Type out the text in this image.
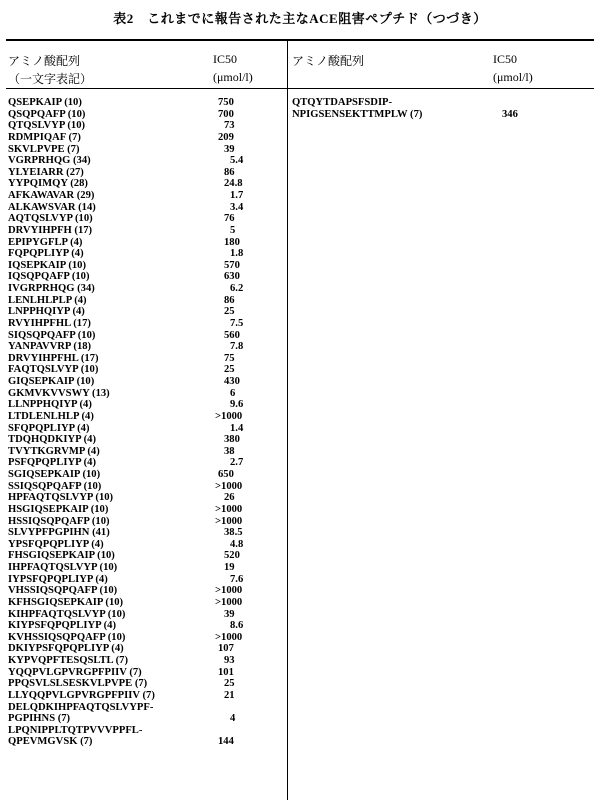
表2　これまでに報告された主なACE阻害ペプチド（つづき）
アミノ酸配列
（一文字表記）
IC50
(μmol/l)
アミノ酸配列	IC50
(μmol/l)
QSEPKAIP (10)	750
QSQPQAFP (10)	700
QTQSLVYP (10)	73
RDMPIQAF (7)	209
SKVLPVPE (7)	39
VGRPRHQG (34)	5.4
YLYEIARR (27)	86
YYPQIMQY (28)	24.8
AFKAWAVAR (29)	1.7
ALKAWSVAR (14)	3.4
AQTQSLVYP (10)	76
DRVYIHPFH (17)	5
EPIPYGFLP (4)	180
FQPQPLIYP (4)	1.8
IQSEPKAIP (10)	570
IQSQPQAFP (10)	630
IVGRPRHQG (34)	6.2
LENLHLPLP (4)	86
LNPPHQIYP (4)	25
RVYIHPFHL (17)	7.5
SIQSQPQAFP (10)	560
YANPAVVRP (18)	7.8
DRVYIHPFHL (17)	75
FAQTQSLVYP (10)	25
GIQSEPKAIP (10)	430
GKMVKVVSWY (13)	6
LLNPPHQIYP (4)	9.6
LTDLENLHLP (4)	>1000
SFQPQPLIYP (4)	1.4
TDQHQDKIYP (4)	380
TVYTKGRVMP (4)	38
PSFQPQPLIYP (4)	2.7
SGIQSEPKAIP (10)	650
SSIQSQPQAFP (10)	>1000
HPFAQTQSLVYP (10)	26
HSGIQSEPKAIP (10)	>1000
HSSIQSQPQAFP (10)	>1000
SLVYPFPGPIHN (41)	38.5
YPSFQPQPLIYP (4)	4.8
FHSGIQSEPKAIP (10)	520
IHPFAQTQSLVYP (10)	19
IYPSFQPQPLIYP (4)	7.6
VHSSIQSQPQAFP (10)	>1000
KFHSGIQSEPKAIP (10)	>1000
KIHPFAQTQSLVYP (10)	39
KIYPSFQPQPLIYP (4)	8.6
KVHSSIQSQPQAFP (10)	>1000
DKIYPSFQPQPLIYP (4)	107
KYPVQPFTESQSLTL (7)	93
YQQPVLGPVRGPFPIIV (7)	101
PPQSVLSLSESKVLPVPE (7)	25
LLYQQPVLGPVRGPFPIIV (7)	21
DELQDKIHPFAQTQSLVYPF-
PGPIHNS (7)	4
LPQNIPPLTQTPVVVPPFL-
QPEVMGVSK (7)	144
QTQYTDAPSFSDIP-
NPIGSENSEKTTMPLW (7)	346
